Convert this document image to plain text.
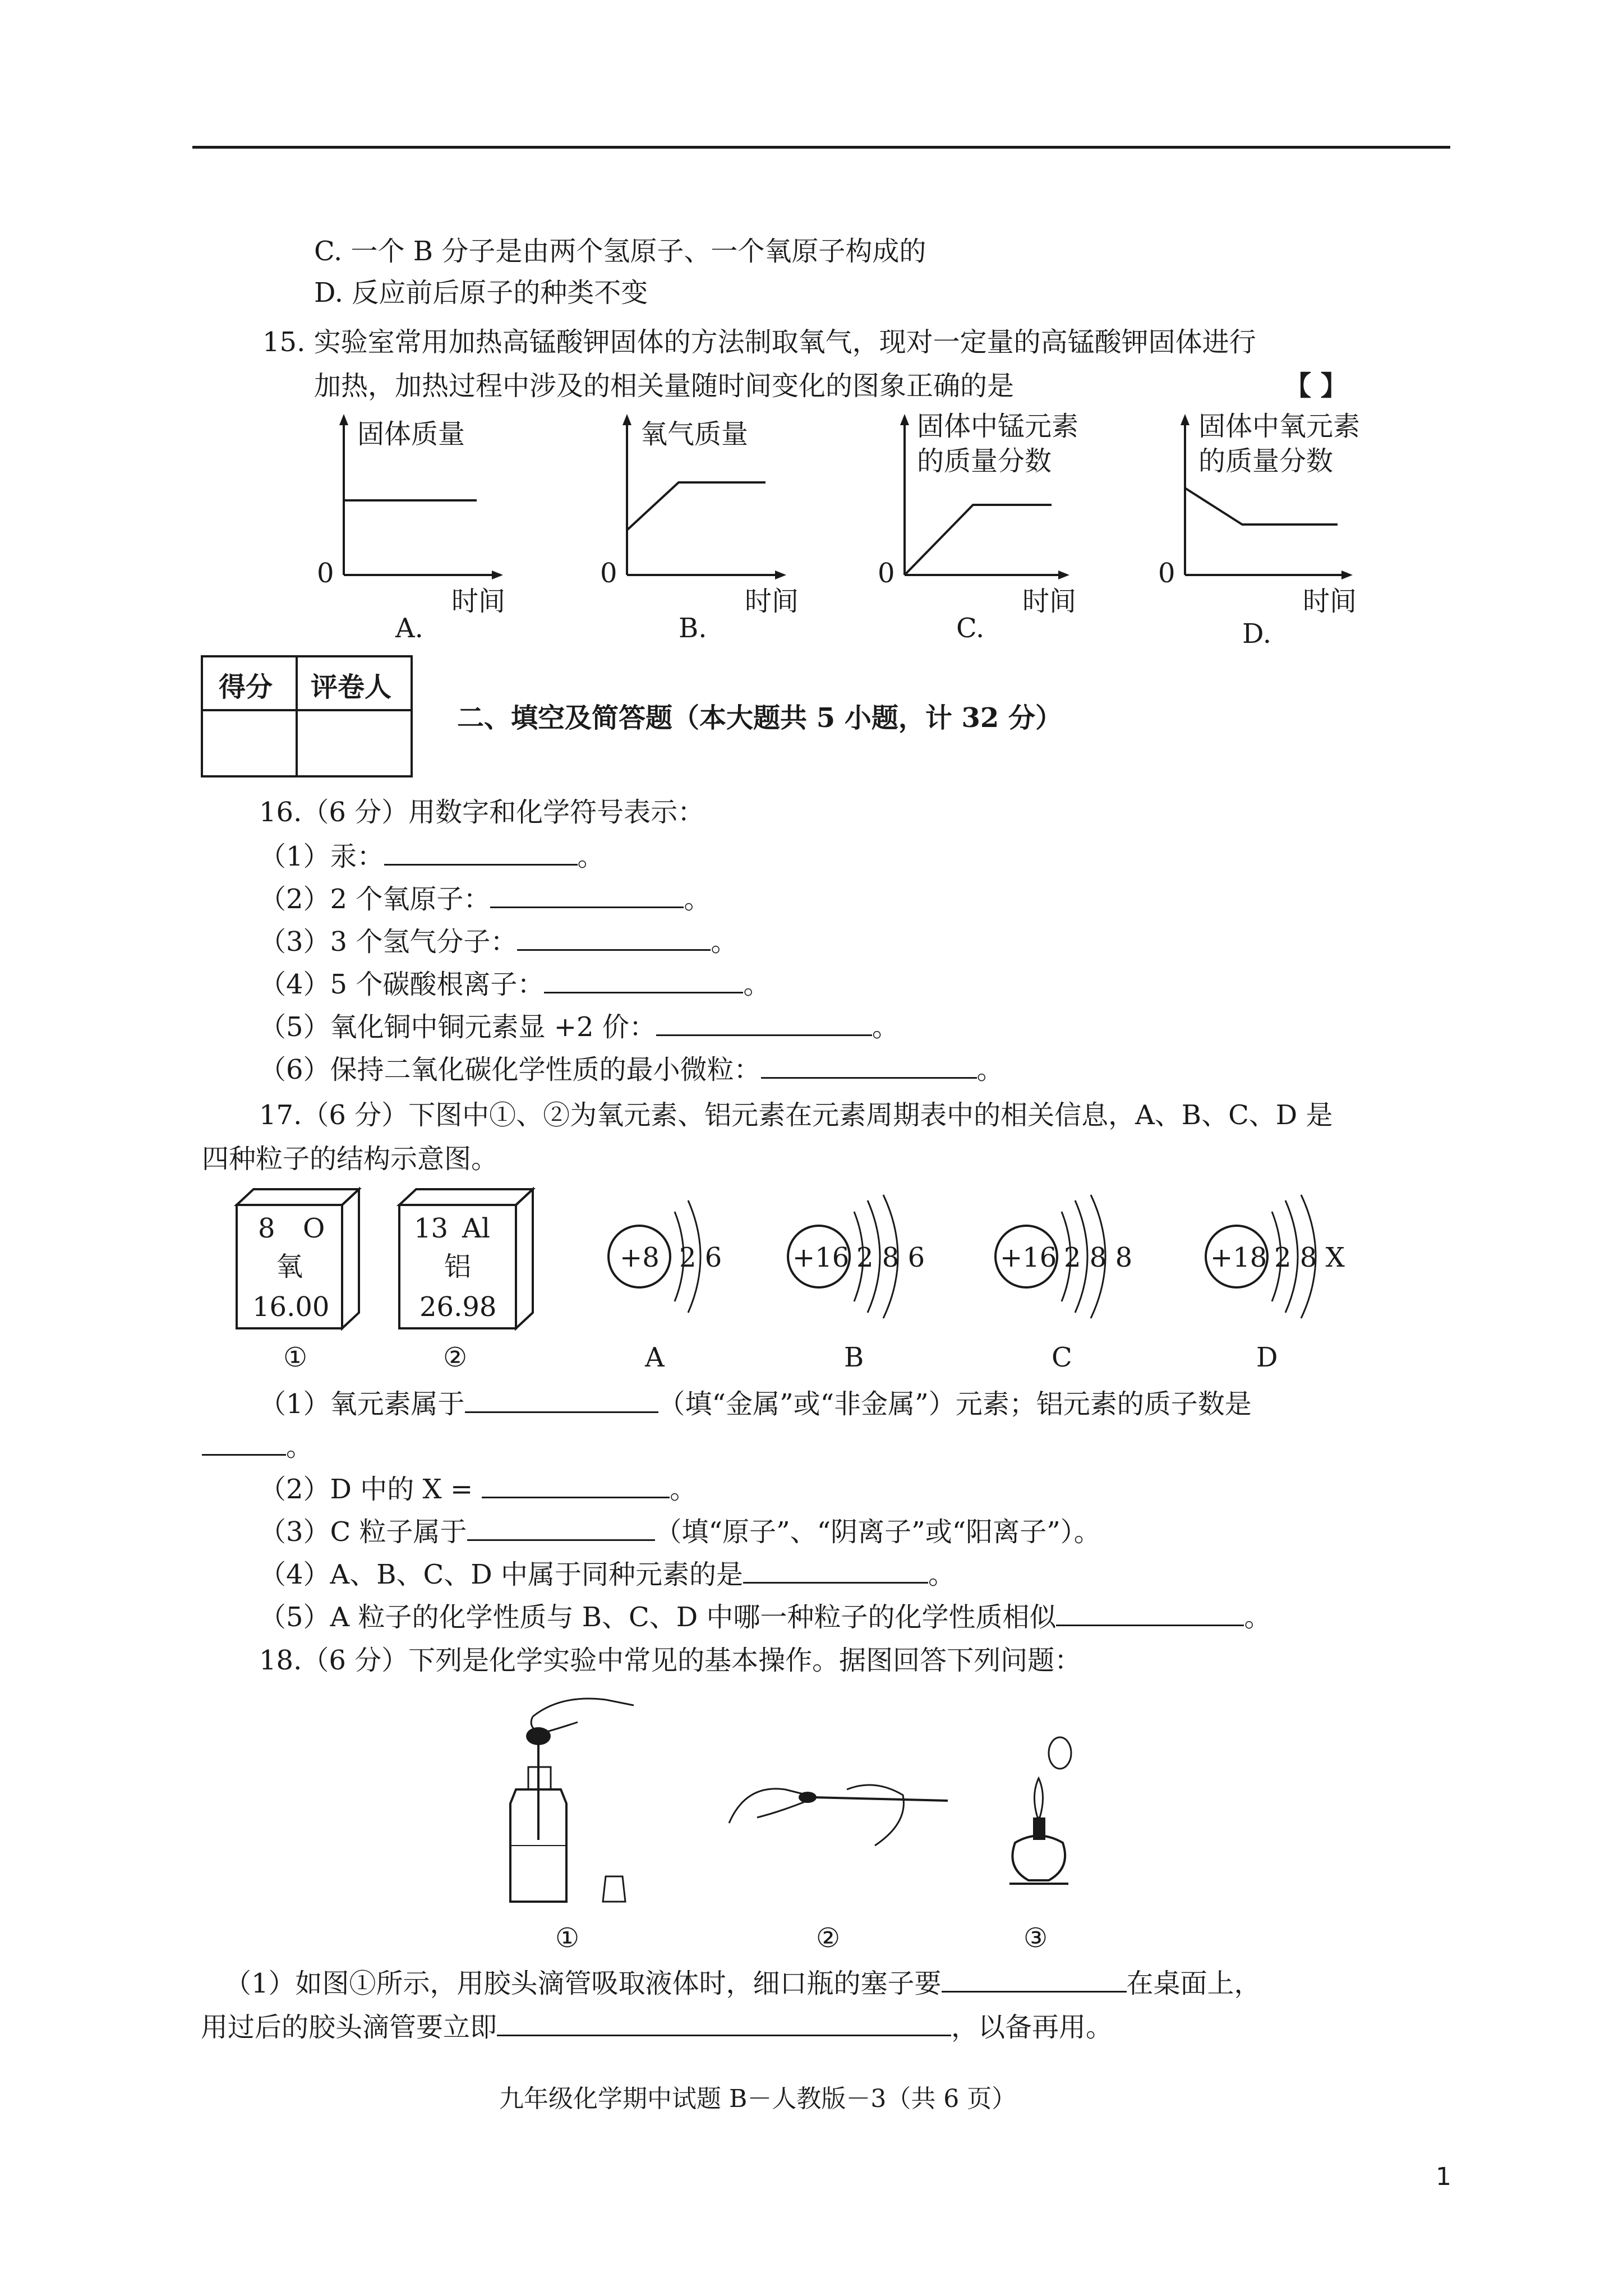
C. 一个 B 分子是由两个氢原子、一个氧原子构成的
D. 反应前后原子的种类不变
15. 实验室常用加热高锰酸钾固体的方法制取氧气，现对一定量的高锰酸钾固体进行
加热，加热过程中涉及的相关量随时间变化的图象正确的是	【 】
固体质量
0
时间
A.
氧气质量
0
时间
B.
固体中锰元素
的质量分数
0
时间
C.
固体中氧元素
的质量分数
0
时间
D.
得分 评卷人
二、填空及简答题（本大题共 5 小题，计 32 分）
16.（6 分）用数字和化学符号表示：
（1）汞：	。
（2）2 个氧原子：	。
（3）3 个氢气分子：	。
（4）5 个碳酸根离子：	。
（5）氧化铜中铜元素显 +2 价：	。
（6）保持二氧化碳化学性质的最小微粒：	。
17.（6 分）下图中①、②为氧元素、铝元素在元素周期表中的相关信息，A、B、C、D 是
四种粒子的结构示意图。
8 O
氧
16.00
①
13 Al
铝
26.98
②
+8 2 6
A
+16 2 8 6
B
+16 2 8 8
C
+18 2 8 X
D
（1）氧元素属于	（填“金属”或“非金属”）元素；铝元素的质子数是
。
（2）D 中的 X =	。
（3）C 粒子属于	（填“原子”、“阴离子”或“阳离子”）。
（4）A、B、C、D 中属于同种元素的是	。
（5）A 粒子的化学性质与 B、C、D 中哪一种粒子的化学性质相似	。
18.（6 分）下列是化学实验中常见的基本操作。据图回答下列问题：
①	②	③
（1）如图①所示，用胶头滴管吸取液体时，细口瓶的塞子要	在桌面上，
用过后的胶头滴管要立即	，以备再用。
九年级化学期中试题 B－人教版－3（共 6 页）
1
